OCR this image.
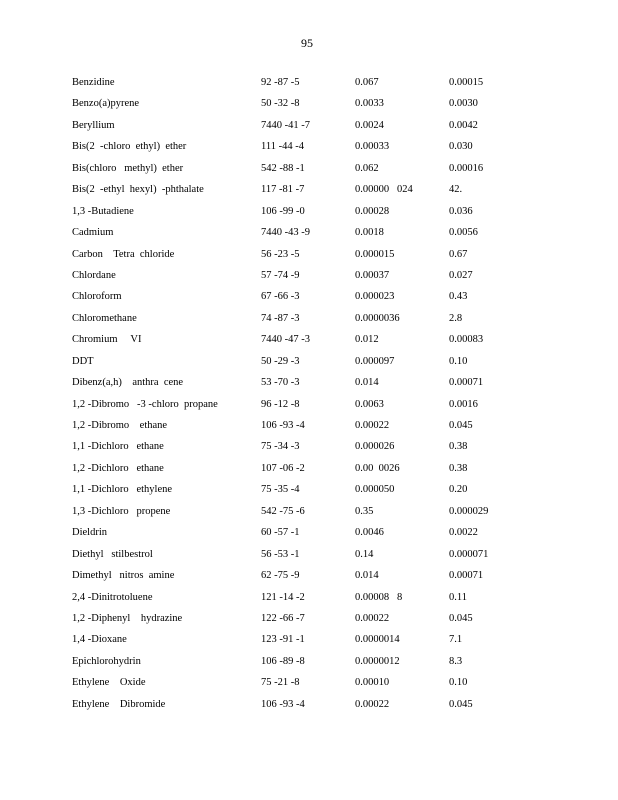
95
Benzidine	92 -87 -5	0.067	0.00015
Benzo(a)pyrene	50 -32 -8	0.0033	0.0030
Beryllium	7440 -41 -7	0.0024	0.0042
Bis(2  -chloro  ethyl)  ether	111 -44 -4	0.00033	0.030
Bis(chloro   methyl)  ether	542 -88 -1	0.062	0.00016
Bis(2  -ethyl  hexyl)  -phthalate	117 -81 -7	0.00000   024	42.
1,3 -Butadiene	106 -99 -0	0.00028	0.036
Cadmium	7440 -43 -9	0.0018	0.0056
Carbon    Tetra  chloride	56 -23 -5	0.000015	0.67
Chlordane	57 -74 -9	0.00037	0.027
Chloroform	67 -66 -3	0.000023	0.43
Chloromethane	74 -87 -3	0.0000036	2.8
Chromium     VI	7440 -47 -3	0.012	0.00083
DDT	50 -29 -3	0.000097	0.10
Dibenz(a,h)    anthra  cene	53 -70 -3	0.014	0.00071
1,2 -Dibromo   -3 -chloro  propane	96 -12 -8	0.0063	0.0016
1,2 -Dibromo    ethane	106 -93 -4	0.00022	0.045
1,1 -Dichloro   ethane	75 -34 -3	0.000026	0.38
1,2 -Dichloro   ethane	107 -06 -2	0.00  0026	0.38
1,1 -Dichloro   ethylene	75 -35 -4	0.000050	0.20
1,3 -Dichloro   propene	542 -75 -6	0.35	0.000029
Dieldrin	60 -57 -1	0.0046	0.0022
Diethyl   stilbestrol	56 -53 -1	0.14	0.000071
Dimethyl   nitros  amine	62 -75 -9	0.014	0.00071
2,4 -Dinitrotoluene	121 -14 -2	0.00008   8	0.11
1,2 -Diphenyl    hydrazine	122 -66 -7	0.00022	0.045
1,4 -Dioxane	123 -91 -1	0.0000014	7.1
Epichlorohydrin	106 -89 -8	0.0000012	8.3
Ethylene    Oxide	75 -21 -8	0.00010	0.10
Ethylene    Dibromide	106 -93 -4	0.00022	0.045
